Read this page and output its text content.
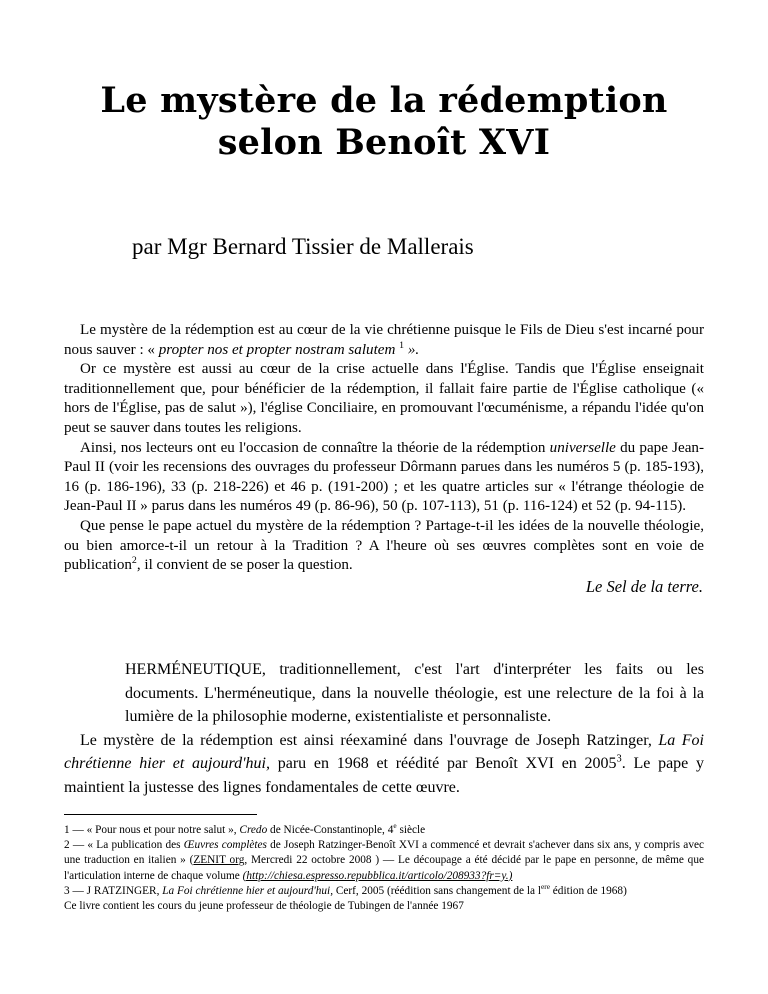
Le mystère de la rédemption
selon Benoît XVI
par Mgr Bernard Tissier de Mallerais

Le mystère de la rédemption est au cœur de la vie chrétienne puisque le Fils de Dieu s'est incarné pour nous sauver : « propter nos et propter nostram salutem $^1$ ».

Or ce mystère est aussi au cœur de la crise actuelle dans l'Église. Tandis que l'Église enseignait traditionnellement que, pour bénéficier de la rédemption, il fallait faire partie de l'Église catholique (« hors de l'Église, pas de salut »), l'église Conciliaire, en promouvant l'œcuménisme, a répandu l'idée qu'on peut se sauver dans toutes les religions.

Ainsi, nos lecteurs ont eu l'occasion de connaître la théorie de la rédemption universelle du pape Jean-Paul II (voir les recensions des ouvrages du professeur Dôrmann parues dans les numéros 5 (p. 185-193), 16 (p. 186-196), 33 (p. 218-226) et 46 p. (191-200) ; et les quatre articles sur « l'étrange théologie de Jean-Paul II » parus dans les numéros 49 (p. 86-96), 50 (p. 107-113), 51 (p. 116-124) et 52 (p. 94-115).

Que pense le pape actuel du mystère de la rédemption ? Partage-t-il les idées de la nouvelle théologie, ou bien amorce-t-il un retour à la Tradition ? A l'heure où ses œuvres complètes sont en voie de publication$^2$, il convient de se poser la question.

Le Sel de la terre.

HERMÉNEUTIQUE, traditionnellement, c'est l'art d'interpréter les faits ou les documents. L'herméneutique, dans la nouvelle théologie, est une relecture de la foi à la lumière de la philosophie moderne, existentialiste et personnaliste.

Le mystère de la rédemption est ainsi réexaminé dans l'ouvrage de Joseph Ratzinger, La Foi chrétienne hier et aujourd'hui, paru en 1968 et réédité par Benoît XVI en 2005$^3$. Le pape y maintient la justesse des lignes fondamentales de cette œuvre.

1 — « Pour nous et pour notre salut », Credo de Nicée-Constantinople, 4e siècle

2 — « La publication des Œuvres complètes de Joseph Ratzinger-Benoît XVI a commencé et devrait s'achever dans six ans, y compris avec une traduction en italien » (ZENIT org, Mercredi 22 octobre 2008 ) — Le découpage a été décidé par le pape en personne, de même que l'articulation interne de chaque volume (http://chiesa.espresso.repubblica.it/articolo/208933?fr=y.)

3 — J RATZINGER, La Foi chrétienne hier et aujourd'hui, Cerf, 2005 (réédition sans changement de la $l^{ere}$ édition de 1968)

Ce livre contient les cours du jeune professeur de théologie de Tubingen de l'année 1967
